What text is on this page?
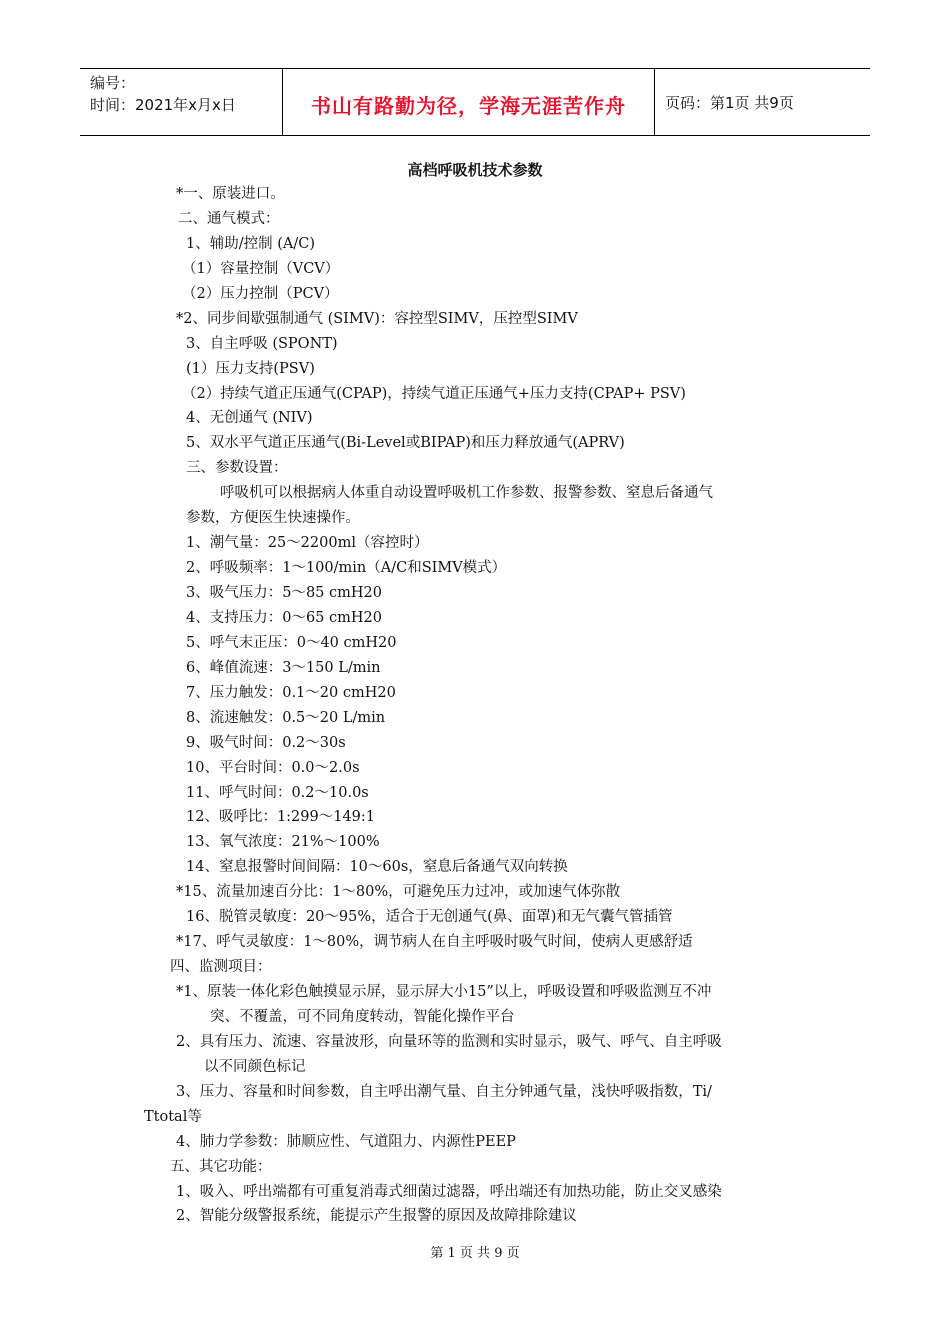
编号：
时间：2021年x月x日	书山有路勤为径，学海无涯苦作舟	页码：第1页 共9页
高档呼吸机技术参数
*一、原装进口。
二、通气模式：
1、辅助/控制 (A/C)
（1）容量控制（VCV）
（2）压力控制（PCV）
*2、同步间歇强制通气 (SIMV)：容控型SIMV，压控型SIMV
3、自主呼吸 (SPONT)
(1）压力支持(PSV)
（2）持续气道正压通气(CPAP)，持续气道正压通气+压力支持(CPAP+ PSV)
4、无创通气 (NIV)
5、双水平气道正压通气(Bi-Level或BIPAP)和压力释放通气(APRV)
三、参数设置：
呼吸机可以根据病人体重自动设置呼吸机工作参数、报警参数、窒息后备通气
参数，方便医生快速操作。
1、潮气量：25～2200ml（容控时）
2、呼吸频率：1～100/min（A/C和SIMV模式）
3、吸气压力：5～85 cmH20
4、支持压力：0～65 cmH20
5、呼气末正压：0～40 cmH20
6、峰值流速：3～150 L/min
7、压力触发：0.1～20 cmH20
8、流速触发：0.5～20 L/min
9、吸气时间：0.2～30s
10、平台时间：0.0～2.0s
11、呼气时间：0.2～10.0s
12、吸呼比：1:299～149:1
13、氧气浓度：21%～100%
14、窒息报警时间间隔：10～60s，窒息后备通气双向转换
*15、流量加速百分比：1～80%，可避免压力过冲，或加速气体弥散
16、脱管灵敏度：20～95%，适合于无创通气(鼻、面罩)和无气囊气管插管
*17、呼气灵敏度：1～80%，调节病人在自主呼吸时吸气时间，使病人更感舒适
四、监测项目：
*1、原装一体化彩色触摸显示屏，显示屏大小15”以上，呼吸设置和呼吸监测互不冲
突、不覆盖，可不同角度转动，智能化操作平台
2、具有压力、流速、容量波形，向量环等的监测和实时显示，吸气、呼气、自主呼吸
以不同颜色标记
3、压力、容量和时间参数，自主呼出潮气量、自主分钟通气量，浅快呼吸指数，Ti/
Ttotal等
4、肺力学参数：肺顺应性、气道阻力、内源性PEEP
五、其它功能：
1、吸入、呼出端都有可重复消毒式细菌过滤器，呼出端还有加热功能，防止交叉感染
2、智能分级警报系统，能提示产生报警的原因及故障排除建议
第 1 页 共 9 页
